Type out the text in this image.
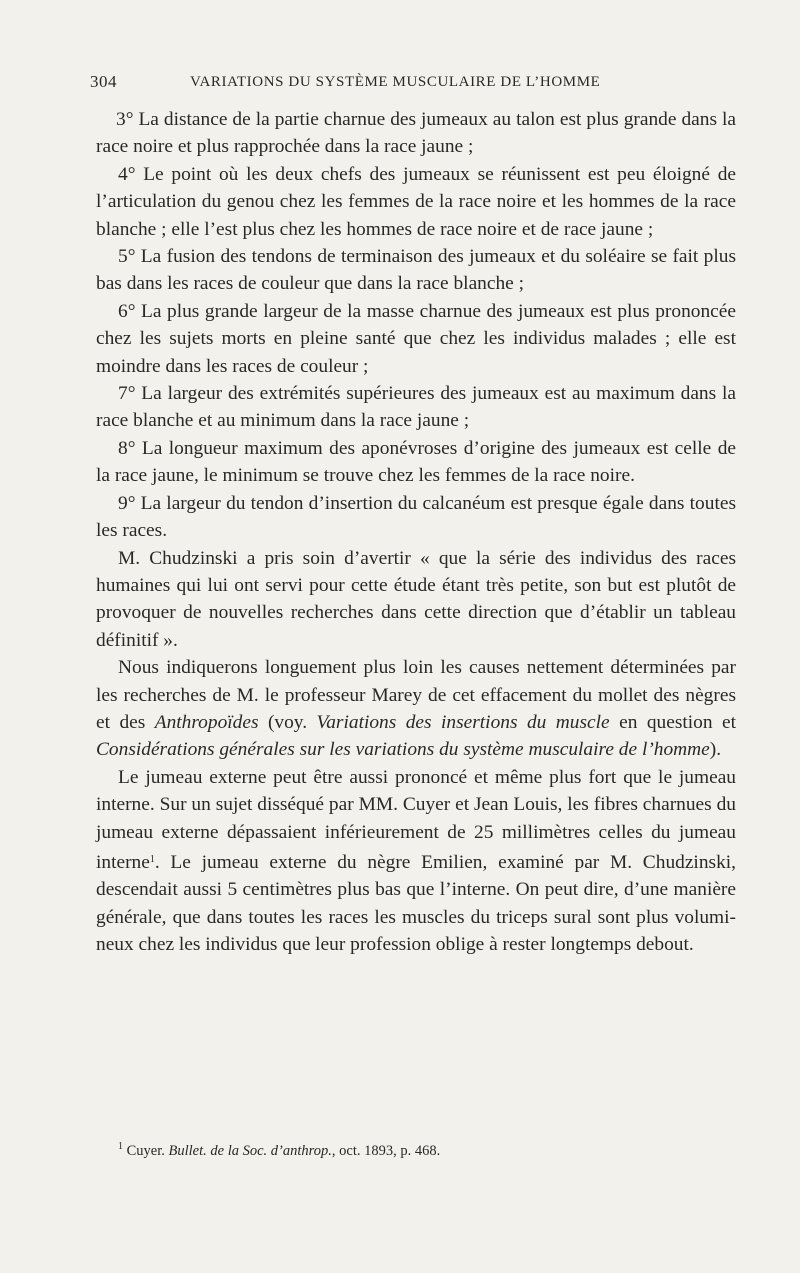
304	VARIATIONS DU SYSTÈME MUSCULAIRE DE L’HOMME

3° La distance de la partie charnue des jumeaux au talon est plus grande dans la race noire et plus rapprochée dans la race jaune ;

4° Le point où les deux chefs des jumeaux se réunissent est peu éloigné de l’articulation du genou chez les femmes de la race noire et les hommes de la race blanche ; elle l’est plus chez les hommes de race noire et de race jaune ;

5° La fusion des tendons de terminaison des jumeaux et du soléaire se fait plus bas dans les races de couleur que dans la race blanche ;

6° La plus grande largeur de la masse charnue des jumeaux est plus prononcée chez les sujets morts en pleine santé que chez les individus malades ; elle est moindre dans les races de couleur ;

7° La largeur des extrémités supérieures des jumeaux est au maximum dans la race blanche et au minimum dans la race jaune ;

8° La longueur maximum des aponévroses d’origine des jumeaux est celle de la race jaune, le minimum se trouve chez les femmes de la race noire.

9° La largeur du tendon d’insertion du calcanéum est presque égale dans toutes les races.

M. Chudzinski a pris soin d’avertir « que la série des individus des races humaines qui lui ont servi pour cette étude étant très petite, son but est plutôt de provoquer de nouvelles recherches dans cette direction que d’établir un tableau définitif ».

Nous indiquerons longuement plus loin les causes nettement déterminées par les recherches de M. le professeur Marey de cet effacement du mollet des nègres et des Anthropoïdes (voy. Variations des insertions du muscle en question et Considérations générales sur les variations du système musculaire de l’homme).

Le jumeau externe peut être aussi prononcé et même plus fort que le jumeau interne. Sur un sujet disséqué par MM. Cuyer et Jean Louis, les fibres charnues du jumeau externe dépassaient inférieurement de 25 millimètres celles du jumeau interne$^1$. Le jumeau externe du nègre Emilien, examiné par M. Chudzinski, descendait aussi 5 centimètres plus bas que l’interne. On peut dire, d’une manière générale, que dans toutes les races les muscles du triceps sural sont plus volumineux chez les individus que leur profession oblige à rester longtemps debout.

$^1$ Cuyer. Bullet. de la Soc. d’anthrop., oct. 1893, p. 468.
